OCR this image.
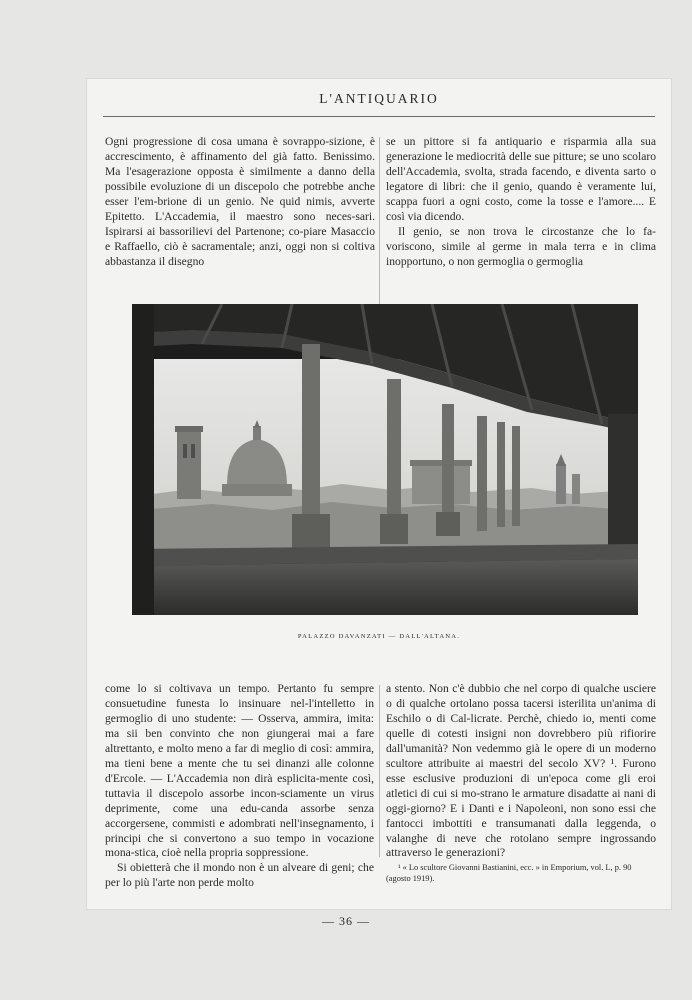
L'ANTIQUARIO

Ogni progressione di cosa umana è sovrappo-sizione, è accrescimento, è affinamento del già fatto. Benissimo. Ma l'esagerazione opposta è similmente a danno della possibile evoluzione di un discepolo che potrebbe anche esser l'em-brione di un genio. Ne quid nimis, avverte Epitetto. L'Accademia, il maestro sono neces-sari. Ispirarsi ai bassorilievi del Partenone; co-piare Masaccio e Raffaello, ciò è sacramentale; anzi, oggi non si coltiva abbastanza il disegno

se un pittore si fa antiquario e risparmia alla sua generazione le mediocrità delle sue pitture; se uno scolaro dell'Accademia, svolta, strada facendo, e diventa sarto o legatore di libri: che il genio, quando è veramente lui, scappa fuori a ogni costo, come la tosse e l'amore.... E così via dicendo.

Il genio, se non trova le circostanze che lo fa-voriscono, simile al germe in mala terra e in clima inopportuno, o non germoglia o germoglia

PALAZZO DAVANZATI — DALL'ALTANA.

come lo si coltivava un tempo. Pertanto fu sempre consuetudine funesta lo insinuare nel-l'intelletto in germoglio di uno studente: — Osserva, ammira, imita: ma sii ben convinto che non giungerai mai a fare altrettanto, e molto meno a far di meglio di così: ammira, ma tieni bene a mente che tu sei dinanzi alle colonne d'Ercole. — L'Accademia non dirà esplicita-mente così, tuttavia il discepolo assorbe incon-sciamente un virus deprimente, come una edu-canda assorbe senza accorgersene, commisti e adombrati nell'insegnamento, i principi che si convertono a suo tempo in vocazione mona-stica, cioè nella propria soppressione.

Si obietterà che il mondo non è un alveare di geni; che per lo più l'arte non perde molto

a stento. Non c'è dubbio che nel corpo di qualche usciere o di qualche ortolano possa tacersi isterilita un'anima di Eschilo o di Cal-licrate. Perchè, chiedo io, menti come quelle di cotesti insigni non dovrebbero più rifiorire dall'umanità? Non vedemmo già le opere di un moderno scultore attribuite ai maestri del secolo XV? ¹. Furono esse esclusive produzioni di un'epoca come gli eroi atletici di cui si mo-strano le armature disadatte ai nani di oggi-giorno? E i Danti e i Napoleoni, non sono essi che fantocci imbottiti e transumanati dalla leggenda, o valanghe di neve che rotolano sempre ingrossando attraverso le generazioni?

¹ « Lo scultore Giovanni Bastianini, ecc. » in Emporium, vol. L, p. 90 (agosto 1919).

— 36 —
